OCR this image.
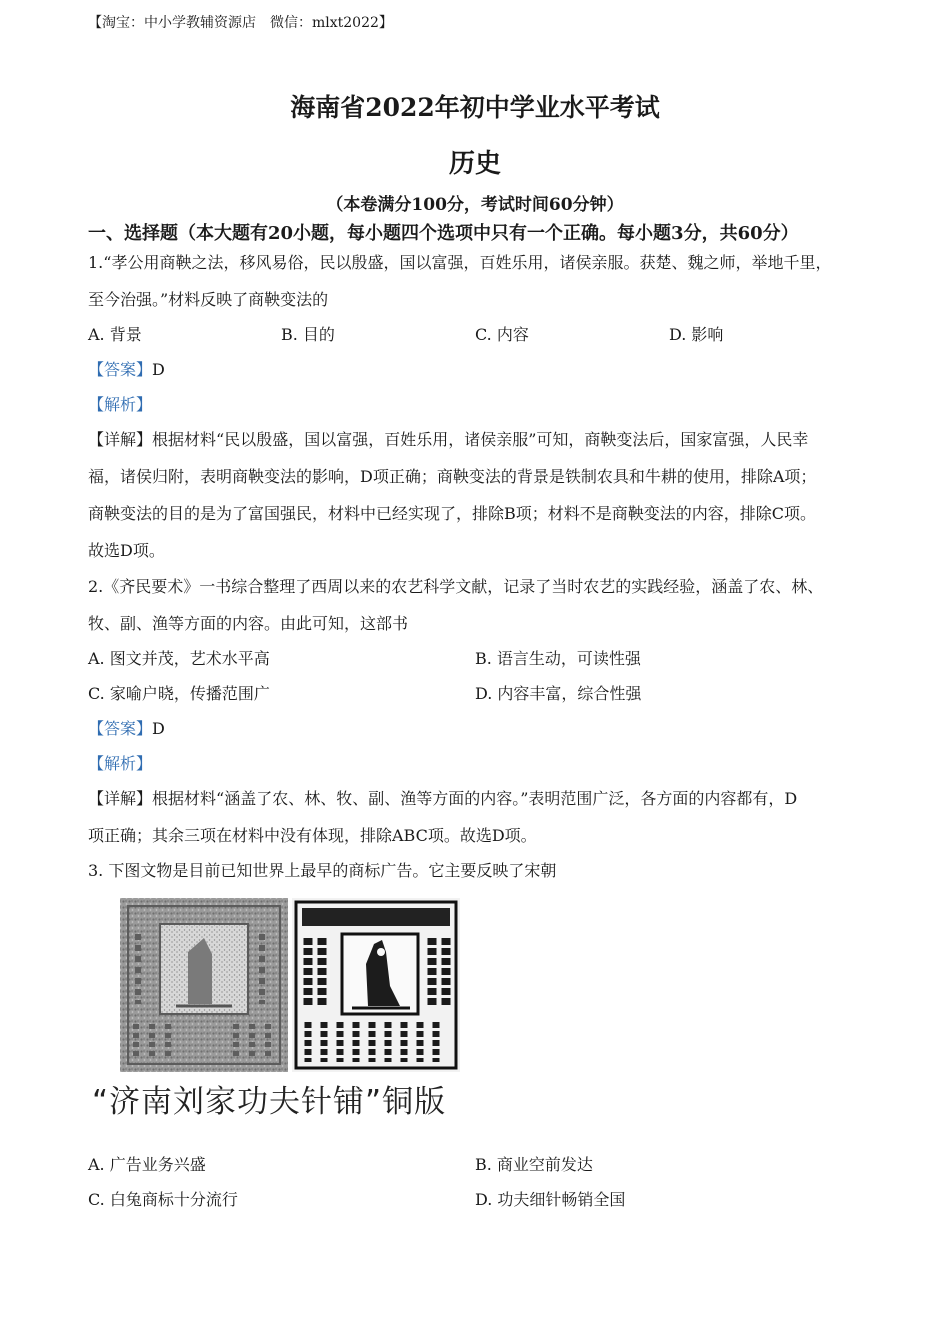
【淘宝：中小学教辅资源店　微信：mlxt2022】
海南省2022年初中学业水平考试
历史
（本卷满分100分，考试时间60分钟）
一、选择题（本大题有20小题，每小题四个选项中只有一个正确。每小题3分，共60分）
1.“孝公用商鞅之法，移风易俗，民以殷盛，国以富强，百姓乐用，诸侯亲服。获楚、魏之师，举地千里，
至今治强。”材料反映了商鞅变法的
A. 背景	B. 目的	C. 内容	D. 影响
【答案】D
【解析】
【详解】根据材料“民以殷盛，国以富强，百姓乐用，诸侯亲服”可知，商鞅变法后，国家富强，人民幸
福，诸侯归附，表明商鞅变法的影响，D项正确；商鞅变法的背景是铁制农具和牛耕的使用，排除A项；
商鞅变法的目的是为了富国强民，材料中已经实现了，排除B项；材料不是商鞅变法的内容，排除C项。
故选D项。
2.《齐民要术》一书综合整理了西周以来的农艺科学文献，记录了当时农艺的实践经验，涵盖了农、林、
牧、副、渔等方面的内容。由此可知，这部书
A. 图文并茂，艺术水平高	B. 语言生动，可读性强
C. 家喻户晓，传播范围广	D. 内容丰富，综合性强
【答案】D
【解析】
【详解】根据材料“涵盖了农、林、牧、副、渔等方面的内容。”表明范围广泛，各方面的内容都有，D
项正确；其余三项在材料中没有体现，排除ABC项。故选D项。
3. 下图文物是目前已知世界上最早的商标广告。它主要反映了宋朝
“济南刘家功夫针铺”铜版
A. 广告业务兴盛	B. 商业空前发达
C. 白兔商标十分流行	D. 功夫细针畅销全国
